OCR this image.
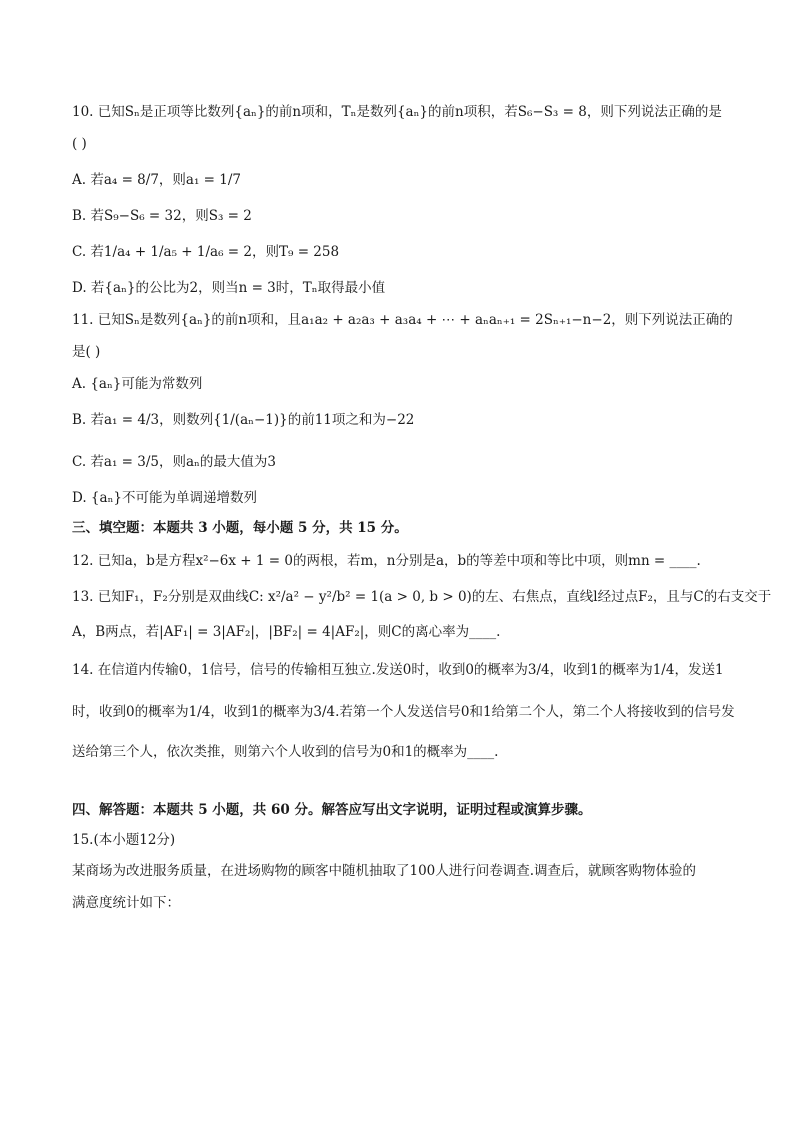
10. 已知Sₙ是正项等比数列{aₙ}的前n项和，Tₙ是数列{aₙ}的前n项积，若S₆−S₃ = 8，则下列说法正确的是
( )
A. 若a₄ = 8/7，则a₁ = 1/7
B. 若S₉−S₆ = 32，则S₃ = 2
C. 若1/a₄ + 1/a₅ + 1/a₆ = 2，则T₉ = 258
D. 若{aₙ}的公比为2，则当n = 3时，Tₙ取得最小值
11. 已知Sₙ是数列{aₙ}的前n项和，且a₁a₂ + a₂a₃ + a₃a₄ + ⋯ + aₙaₙ₊₁ = 2Sₙ₊₁−n−2，则下列说法正确的
是( )
A. {aₙ}可能为常数列
B. 若a₁ = 4/3，则数列{1/(aₙ−1)}的前11项之和为−22
C. 若a₁ = 3/5，则aₙ的最大值为3
D. {aₙ}不可能为单调递增数列
三、填空题：本题共 3 小题，每小题 5 分，共 15 分。
12. 已知a，b是方程x²−6x + 1 = 0的两根，若m，n分别是a，b的等差中项和等比中项，则mn = ____.
13. 已知F₁，F₂分别是双曲线C: x²/a² − y²/b² = 1(a > 0, b > 0)的左、右焦点，直线l经过点F₂，且与C的右支交于
A，B两点，若|AF₁| = 3|AF₂|，|BF₂| = 4|AF₂|，则C的离心率为____.
14. 在信道内传输0，1信号，信号的传输相互独立.发送0时，收到0的概率为3/4，收到1的概率为1/4，发送1
时，收到0的概率为1/4，收到1的概率为3/4.若第一个人发送信号0和1给第二个人，第二个人将接收到的信号发
送给第三个人，依次类推，则第六个人收到的信号为0和1的概率为____.
四、解答题：本题共 5 小题，共 60 分。解答应写出文字说明，证明过程或演算步骤。
15.(本小题12分)
某商场为改进服务质量，在进场购物的顾客中随机抽取了100人进行问卷调查.调查后，就顾客购物体验的
满意度统计如下：
